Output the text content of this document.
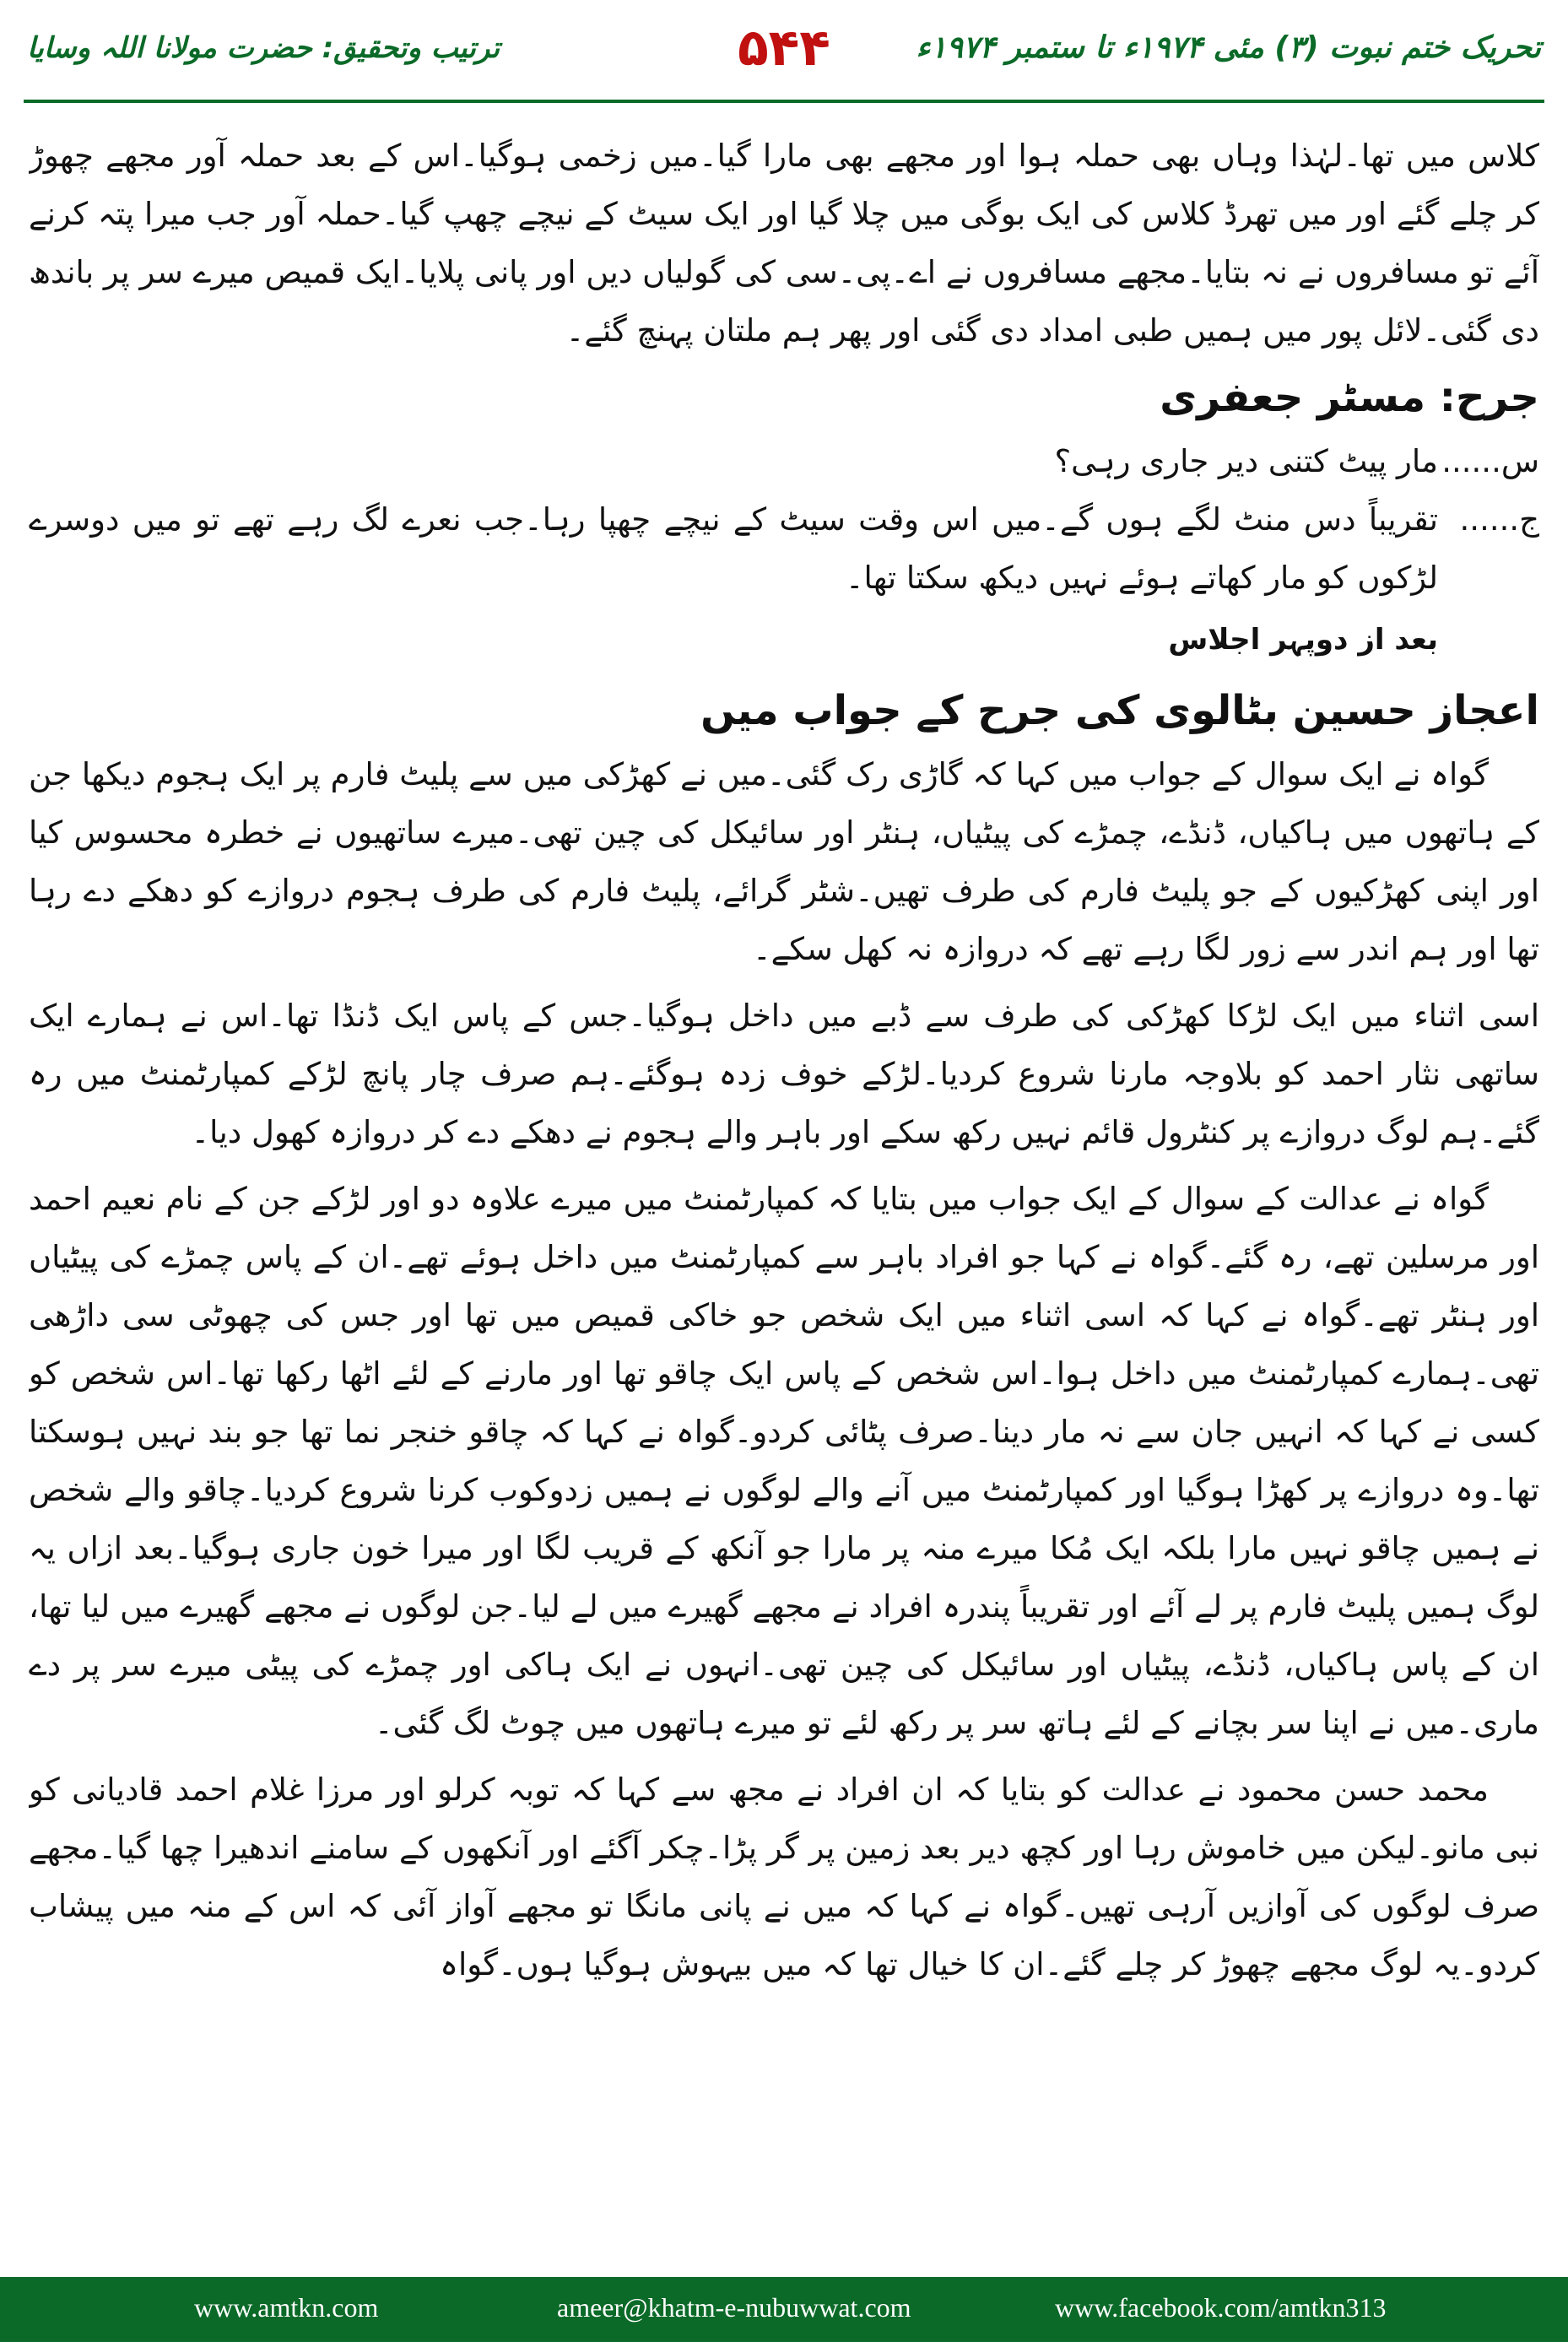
تحریک ختم نبوت (۳) مئی ۱۹۷۴ء تا ستمبر ۱۹۷۴ء
۵۴۴
ترتیب وتحقیق: حضرت مولانا اللہ وسایا

کلاس میں تھا۔لہٰذا وہاں بھی حملہ ہوا اور مجھے بھی مارا گیا۔میں زخمی ہوگیا۔اس کے بعد حملہ آور مجھے چھوڑ کر چلے گئے اور میں تھرڈ کلاس کی ایک بوگی میں چلا گیا اور ایک سیٹ کے نیچے چھپ گیا۔حملہ آور جب میرا پتہ کرنے آئے تو مسافروں نے نہ بتایا۔مجھے مسافروں نے اے۔پی۔سی کی گولیاں دیں اور پانی پلایا۔ایک قمیص میرے سر پر باندھ دی گئی۔لائل پور میں ہمیں طبی امداد دی گئی اور پھر ہم ملتان پہنچ گئے۔

جرح: مسٹر جعفری
س......
مار پیٹ کتنی دیر جاری رہی؟
ج......
تقریباً دس منٹ لگے ہوں گے۔میں اس وقت سیٹ کے نیچے چھپا رہا۔جب نعرے لگ رہے تھے تو میں دوسرے لڑکوں کو مار کھاتے ہوئے نہیں دیکھ سکتا تھا۔
بعد از دوپہر اجلاس
اعجاز حسین بٹالوی کی جرح کے جواب میں

گواہ نے ایک سوال کے جواب میں کہا کہ گاڑی رک گئی۔میں نے کھڑکی میں سے پلیٹ فارم پر ایک ہجوم دیکھا جن کے ہاتھوں میں ہاکیاں، ڈنڈے، چمڑے کی پیٹیاں، ہنٹر اور سائیکل کی چین تھی۔میرے ساتھیوں نے خطرہ محسوس کیا اور اپنی کھڑکیوں کے جو پلیٹ فارم کی طرف تھیں۔شٹر گرائے، پلیٹ فارم کی طرف ہجوم دروازے کو دھکے دے رہا تھا اور ہم اندر سے زور لگا رہے تھے کہ دروازہ نہ کھل سکے۔

اسی اثناء میں ایک لڑکا کھڑکی کی طرف سے ڈبے میں داخل ہوگیا۔جس کے پاس ایک ڈنڈا تھا۔اس نے ہمارے ایک ساتھی نثار احمد کو بلاوجہ مارنا شروع کردیا۔لڑکے خوف زدہ ہوگئے۔ہم صرف چار پانچ لڑکے کمپارٹمنٹ میں رہ گئے۔ہم لوگ دروازے پر کنٹرول قائم نہیں رکھ سکے اور باہر والے ہجوم نے دھکے دے کر دروازہ کھول دیا۔

گواہ نے عدالت کے سوال کے ایک جواب میں بتایا کہ کمپارٹمنٹ میں میرے علاوہ دو اور لڑکے جن کے نام نعیم احمد اور مرسلین تھے، رہ گئے۔گواہ نے کہا جو افراد باہر سے کمپارٹمنٹ میں داخل ہوئے تھے۔ان کے پاس چمڑے کی پیٹیاں اور ہنٹر تھے۔گواہ نے کہا کہ اسی اثناء میں ایک شخص جو خاکی قمیص میں تھا اور جس کی چھوٹی سی داڑھی تھی۔ہمارے کمپارٹمنٹ میں داخل ہوا۔اس شخص کے پاس ایک چاقو تھا اور مارنے کے لئے اٹھا رکھا تھا۔اس شخص کو کسی نے کہا کہ انہیں جان سے نہ مار دینا۔صرف پٹائی کردو۔گواہ نے کہا کہ چاقو خنجر نما تھا جو بند نہیں ہوسکتا تھا۔وہ دروازے پر کھڑا ہوگیا اور کمپارٹمنٹ میں آنے والے لوگوں نے ہمیں زدوکوب کرنا شروع کردیا۔چاقو والے شخص نے ہمیں چاقو نہیں مارا بلکہ ایک مُکا میرے منہ پر مارا جو آنکھ کے قریب لگا اور میرا خون جاری ہوگیا۔بعد ازاں یہ لوگ ہمیں پلیٹ فارم پر لے آئے اور تقریباً پندرہ افراد نے مجھے گھیرے میں لے لیا۔جن لوگوں نے مجھے گھیرے میں لیا تھا، ان کے پاس ہاکیاں، ڈنڈے، پیٹیاں اور سائیکل کی چین تھی۔انہوں نے ایک ہاکی اور چمڑے کی پیٹی میرے سر پر دے ماری۔میں نے اپنا سر بچانے کے لئے ہاتھ سر پر رکھ لئے تو میرے ہاتھوں میں چوٹ لگ گئی۔

محمد حسن محمود نے عدالت کو بتایا کہ ان افراد نے مجھ سے کہا کہ توبہ کرلو اور مرزا غلام احمد قادیانی کو نبی مانو۔لیکن میں خاموش رہا اور کچھ دیر بعد زمین پر گر پڑا۔چکر آگئے اور آنکھوں کے سامنے اندھیرا چھا گیا۔مجھے صرف لوگوں کی آوازیں آرہی تھیں۔گواہ نے کہا کہ میں نے پانی مانگا تو مجھے آواز آئی کہ اس کے منہ میں پیشاب کردو۔یہ لوگ مجھے چھوڑ کر چلے گئے۔ان کا خیال تھا کہ میں بیہوش ہوگیا ہوں۔گواہ

www.amtkn.com	ameer@khatm-e-nubuwwat.com	www.facebook.com/amtkn313
